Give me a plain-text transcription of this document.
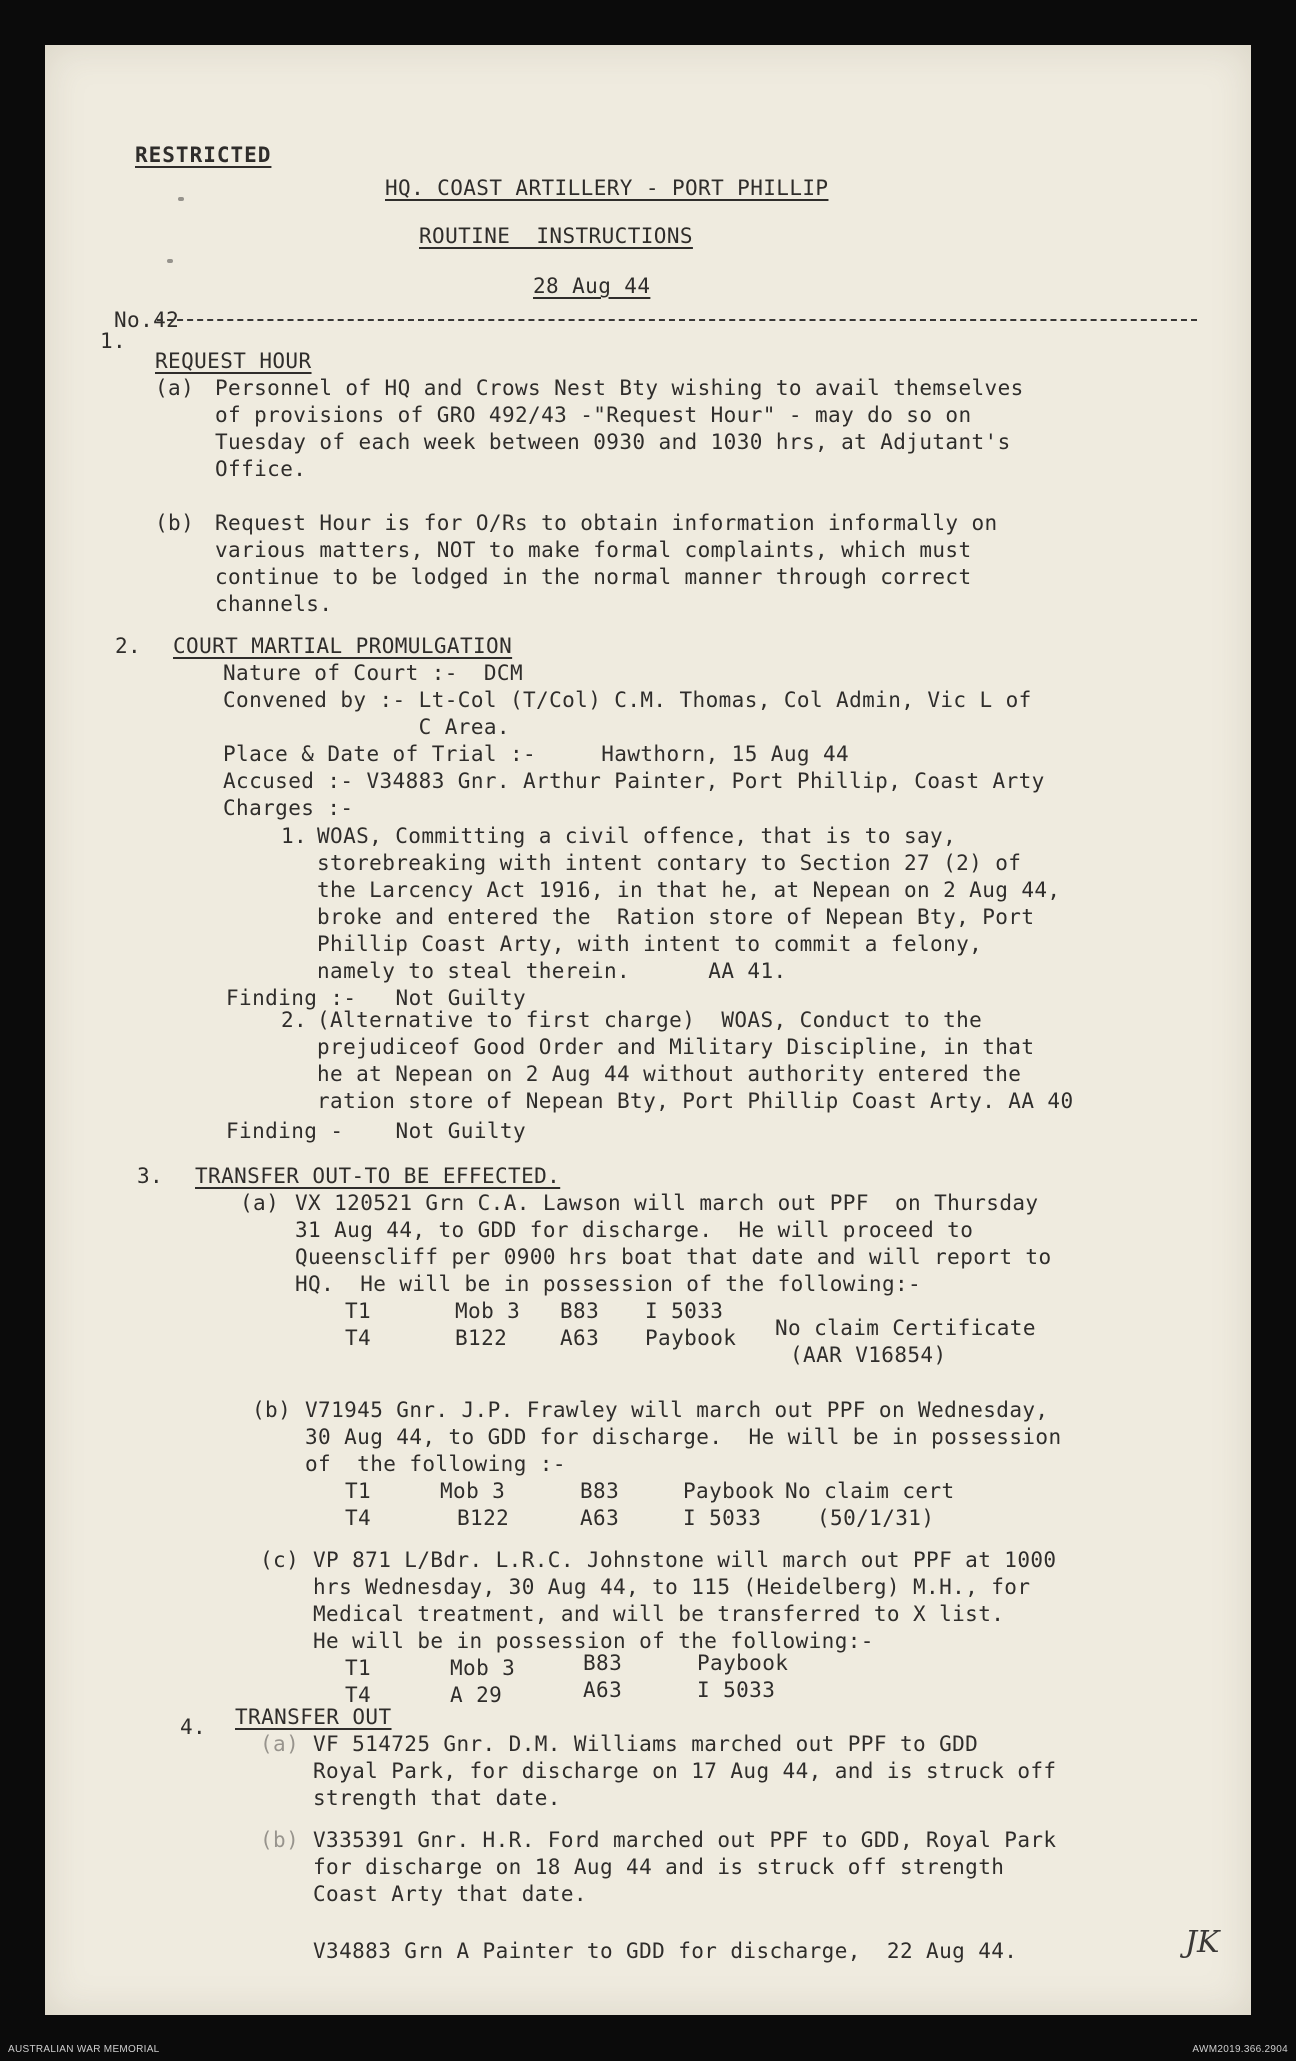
RESTRICTED
HQ. COAST ARTILLERY - PORT PHILLIP
ROUTINE  INSTRUCTIONS
28 Aug 44
No.42
1.
REQUEST HOUR
(a) Personnel of HQ and Crows Nest Bty wishing to avail themselves
of provisions of GRO 492/43 -"Request Hour" - may do so on
Tuesday of each week between 0930 and 1030 hrs, at Adjutant's
Office.
(b) Request Hour is for O/Rs to obtain information informally on
various matters, NOT to make formal complaints, which must
continue to be lodged in the normal manner through correct
channels.
2. COURT MARTIAL PROMULGATION
Nature of Court :-  DCM
Convened by :- Lt-Col (T/Col) C.M. Thomas, Col Admin, Vic L of
C Area.
Place & Date of Trial :-     Hawthorn, 15 Aug 44
Accused :- V34883 Gnr. Arthur Painter, Port Phillip, Coast Arty
Charges :-
1. WOAS, Committing a civil offence, that is to say,
storebreaking with intent contary to Section 27 (2) of
the Larcency Act 1916, in that he, at Nepean on 2 Aug 44,
broke and entered the  Ration store of Nepean Bty, Port
Phillip Coast Arty, with intent to commit a felony,
namely to steal therein.      AA 41.
Finding :-   Not Guilty
2. (Alternative to first charge)  WOAS, Conduct to the
prejudiceof Good Order and Military Discipline, in that
he at Nepean on 2 Aug 44 without authority entered the
ration store of Nepean Bty, Port Phillip Coast Arty. AA 40
Finding -    Not Guilty
3. TRANSFER OUT-TO BE EFFECTED.
(a) VX 120521 Grn C.A. Lawson will march out PPF  on Thursday
31 Aug 44, to GDD for discharge.  He will proceed to
Queenscliff per 0900 hrs boat that date and will report to
HQ.  He will be in possession of the following:-
T1	Mob 3 B83 I 5033
T4	B122	A63 Paybook No claim Certificate
(AAR V16854)
(b) V71945 Gnr. J.P. Frawley will march out PPF on Wednesday,
30 Aug 44, to GDD for discharge.  He will be in possession
of  the following :-
T1	Mob 3	B83	Paybook No claim cert
T4	B122	A63	I 5033	(50/1/31)
(c) VP 871 L/Bdr. L.R.C. Johnstone will march out PPF at 1000
hrs Wednesday, 30 Aug 44, to 115 (Heidelberg) M.H., for
Medical treatment, and will be transferred to X list.
He will be in possession of the following:-
T1	Mob 3	B83	Paybook
T4	A 29	A63	I 5033
4. TRANSFER OUT
(a) VF 514725 Gnr. D.M. Williams marched out PPF to GDD
Royal Park, for discharge on 17 Aug 44, and is struck off
strength that date.
(b) V335391 Gnr. H.R. Ford marched out PPF to GDD, Royal Park
for discharge on 18 Aug 44 and is struck off strength
Coast Arty that date.
V34883 Grn A Painter to GDD for discharge,  22 Aug 44.	JK
AUSTRALIAN WAR MEMORIAL	AWM2019.366.2904
